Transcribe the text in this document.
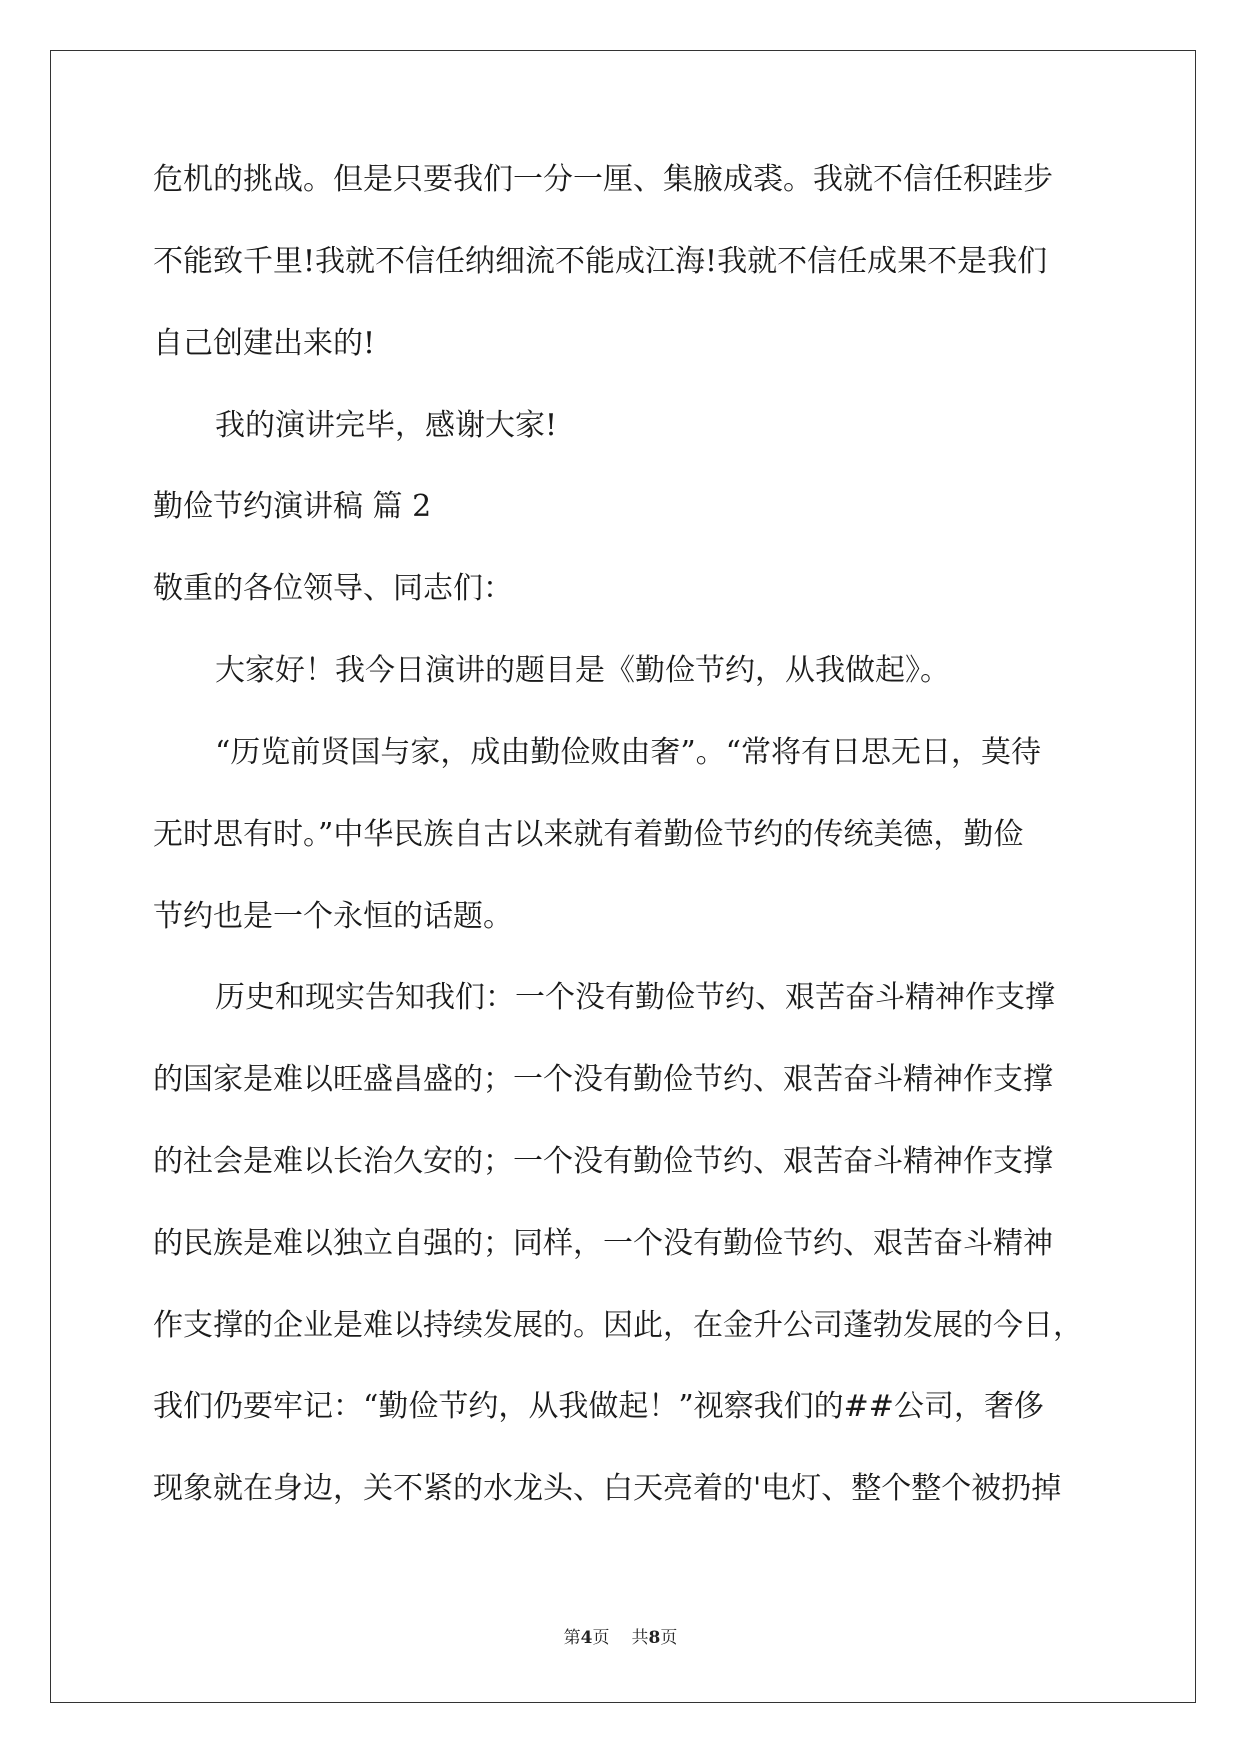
危机的挑战。但是只要我们一分一厘、集腋成裘。我就不信任积跬步
不能致千里!我就不信任纳细流不能成江海!我就不信任成果不是我们
自己创建出来的!
我的演讲完毕，感谢大家!
勤俭节约演讲稿 篇 2
敬重的各位领导、同志们：
大家好！我今日演讲的题目是《勤俭节约，从我做起》。
“历览前贤国与家，成由勤俭败由奢”。“常将有日思无日，莫待
无时思有时。”中华民族自古以来就有着勤俭节约的传统美德，勤俭
节约也是一个永恒的话题。
历史和现实告知我们：一个没有勤俭节约、艰苦奋斗精神作支撑
的国家是难以旺盛昌盛的；一个没有勤俭节约、艰苦奋斗精神作支撑
的社会是难以长治久安的；一个没有勤俭节约、艰苦奋斗精神作支撑
的民族是难以独立自强的；同样，一个没有勤俭节约、艰苦奋斗精神
作支撑的企业是难以持续发展的。因此，在金升公司蓬勃发展的今日，
我们仍要牢记：“勤俭节约，从我做起！”视察我们的##公司，奢侈
现象就在身边，关不紧的水龙头、白天亮着的'电灯、整个整个被扔掉
第4页 共8页
